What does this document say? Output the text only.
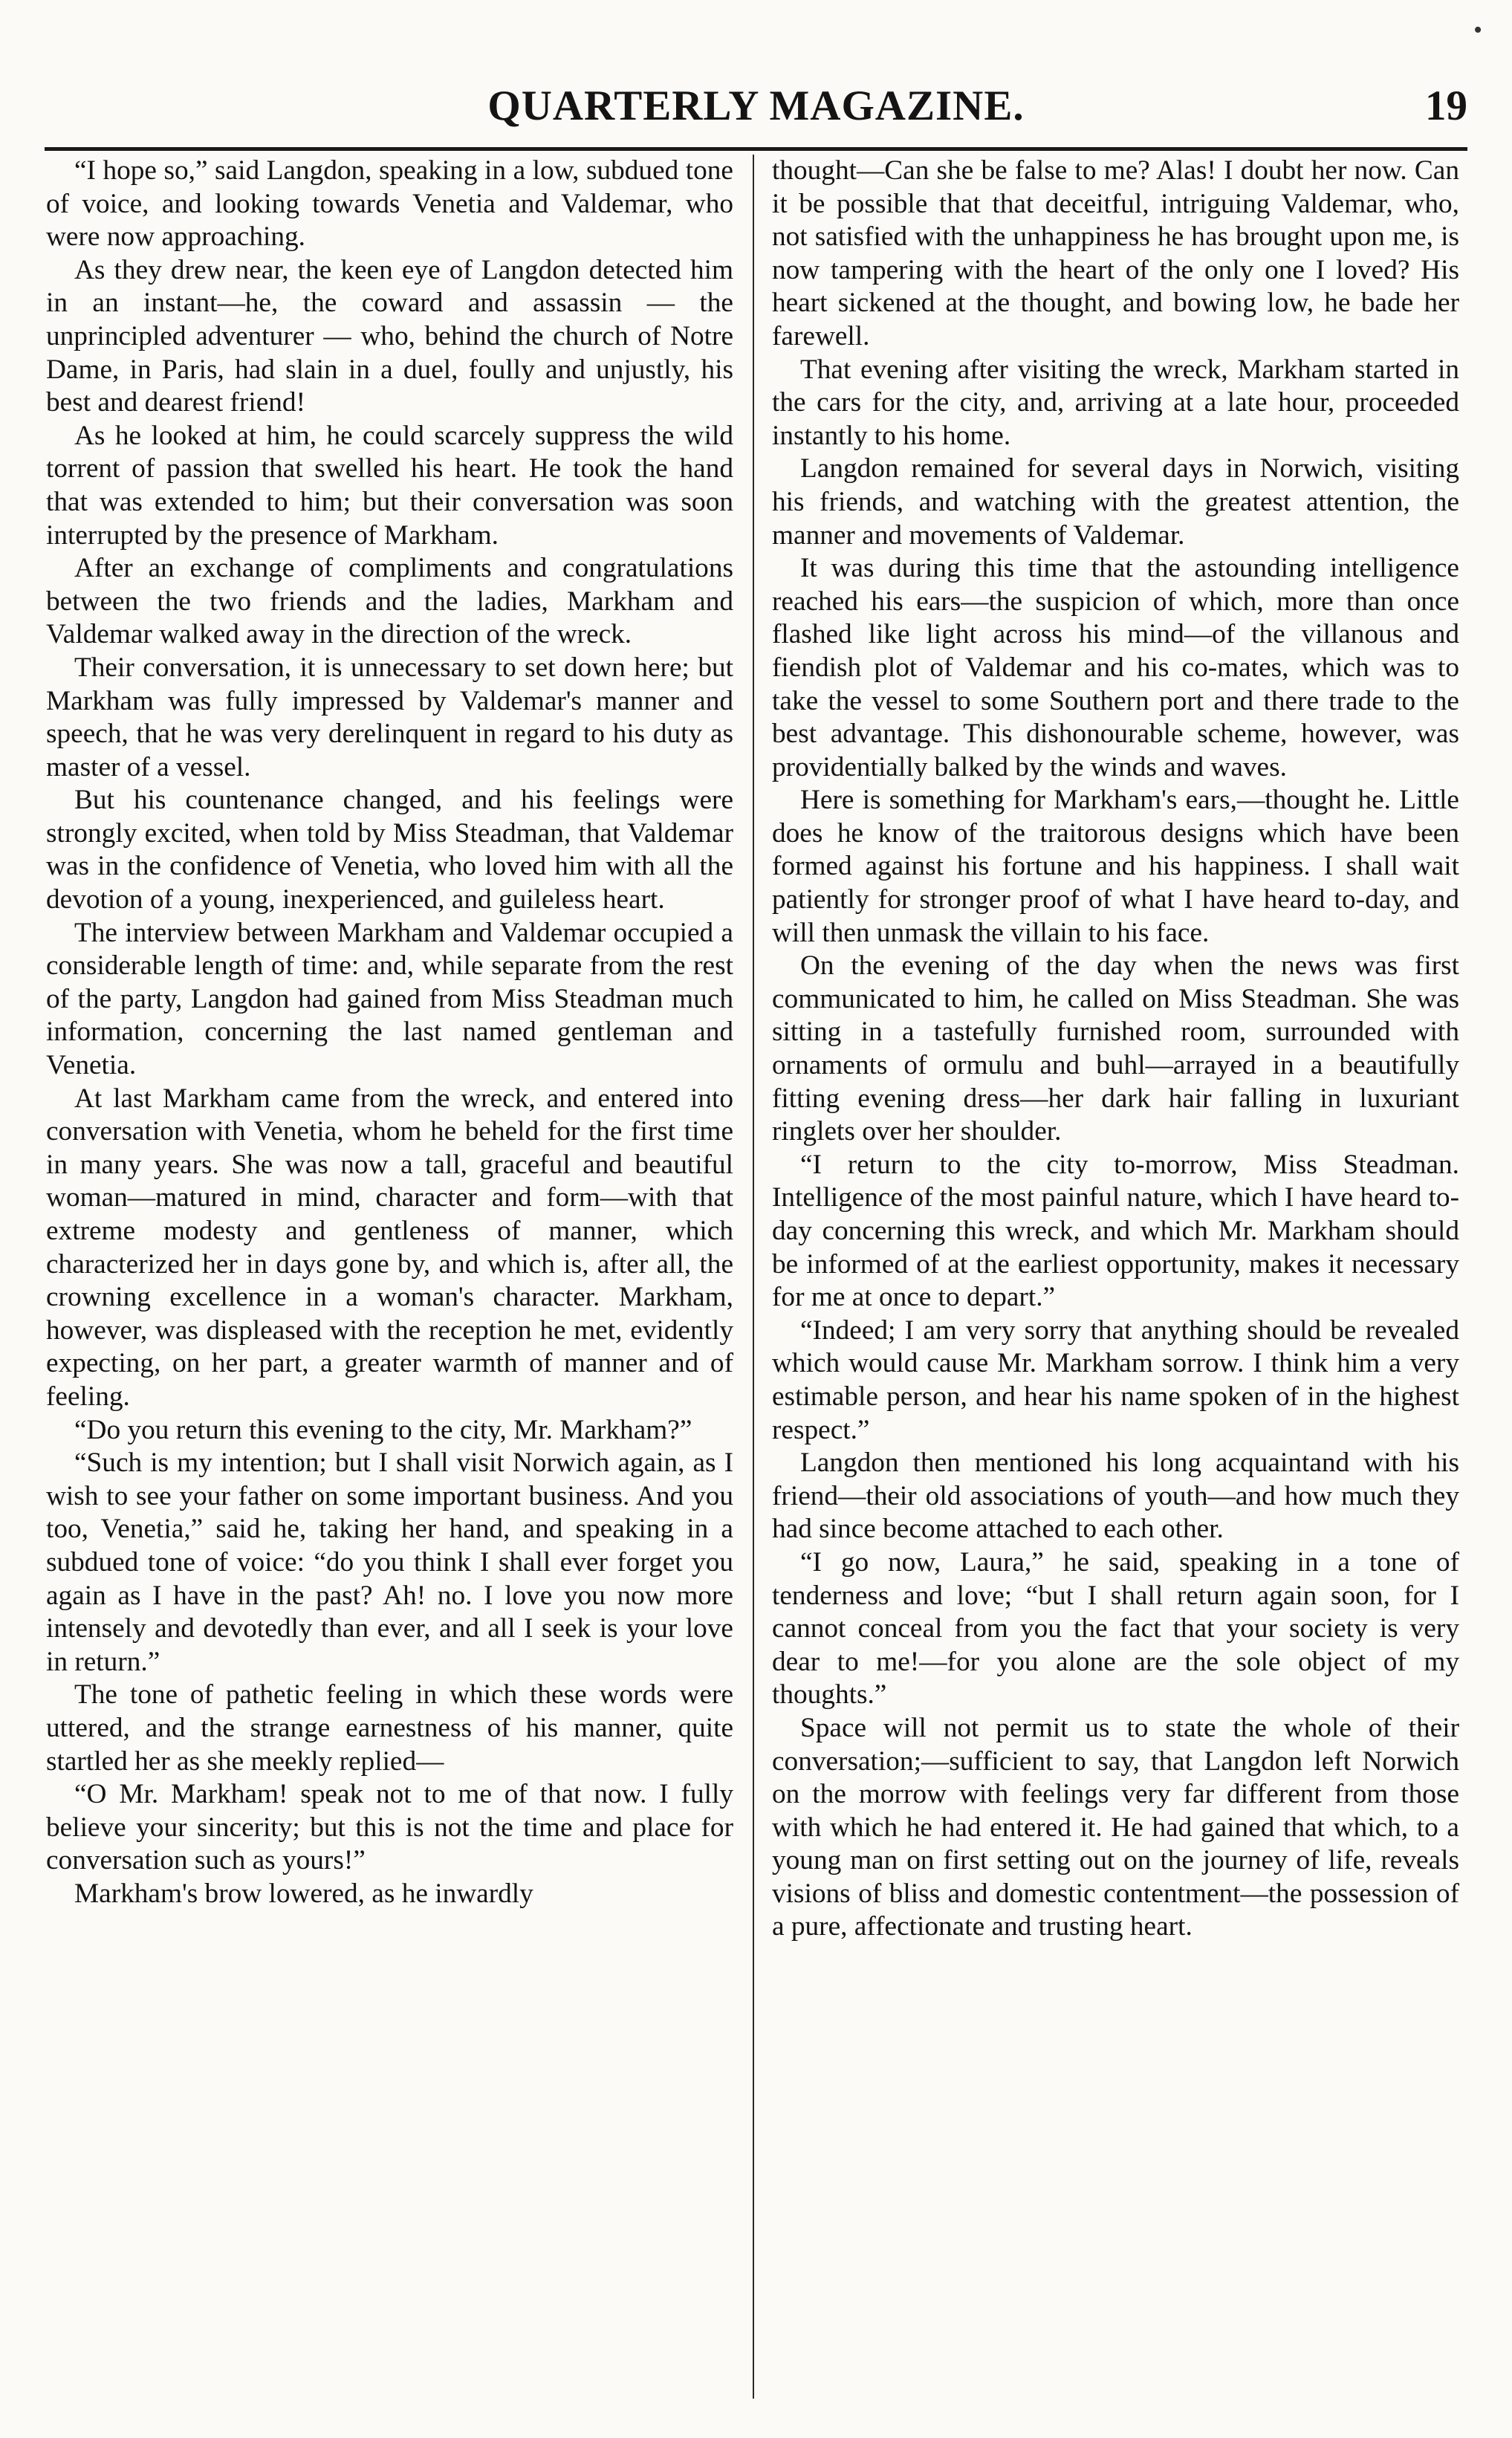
•
QUARTERLY MAGAZINE.	19

“I hope so,” said Langdon, speaking in a low, subdued tone of voice, and looking towards Venetia and Valdemar, who were now approaching.

As they drew near, the keen eye of Langdon detected him in an instant—he, the coward and assassin — the unprincipled adventurer — who, behind the church of Notre Dame, in Paris, had slain in a duel, foully and unjustly, his best and dearest friend!

As he looked at him, he could scarcely suppress the wild torrent of passion that swelled his heart. He took the hand that was extended to him; but their conversation was soon interrupted by the presence of Markham.

After an exchange of compliments and congratulations between the two friends and the ladies, Markham and Valdemar walked away in the direction of the wreck.

Their conversation, it is unnecessary to set down here; but Markham was fully impressed by Valdemar's manner and speech, that he was very derelinquent in regard to his duty as master of a vessel.

But his countenance changed, and his feelings were strongly excited, when told by Miss Steadman, that Valdemar was in the confidence of Venetia, who loved him with all the devotion of a young, inexperienced, and guileless heart.

The interview between Markham and Valdemar occupied a considerable length of time: and, while separate from the rest of the party, Langdon had gained from Miss Steadman much information, concerning the last named gentleman and Venetia.

At last Markham came from the wreck, and entered into conversation with Venetia, whom he beheld for the first time in many years. She was now a tall, graceful and beautiful woman—matured in mind, character and form—with that extreme modesty and gentleness of manner, which characterized her in days gone by, and which is, after all, the crowning excellence in a woman's character. Markham, however, was displeased with the reception he met, evidently expecting, on her part, a greater warmth of manner and of feeling.

“Do you return this evening to the city, Mr. Markham?”

“Such is my intention; but I shall visit Norwich again, as I wish to see your father on some important business. And you too, Venetia,” said he, taking her hand, and speaking in a subdued tone of voice: “do you think I shall ever forget you again as I have in the past? Ah! no. I love you now more intensely and devotedly than ever, and all I seek is your love in return.”

The tone of pathetic feeling in which these words were uttered, and the strange earnestness of his manner, quite startled her as she meekly replied—

“O Mr. Markham! speak not to me of that now. I fully believe your sincerity; but this is not the time and place for conversation such as yours!”

Markham's brow lowered, as he inwardly

thought—Can she be false to me? Alas! I doubt her now. Can it be possible that that deceitful, intriguing Valdemar, who, not satisfied with the unhappiness he has brought upon me, is now tampering with the heart of the only one I loved? His heart sickened at the thought, and bowing low, he bade her farewell.

That evening after visiting the wreck, Markham started in the cars for the city, and, arriving at a late hour, proceeded instantly to his home.

Langdon remained for several days in Norwich, visiting his friends, and watching with the greatest attention, the manner and movements of Valdemar.

It was during this time that the astounding intelligence reached his ears—the suspicion of which, more than once flashed like light across his mind—of the villanous and fiendish plot of Valdemar and his co-mates, which was to take the vessel to some Southern port and there trade to the best advantage. This dishonourable scheme, however, was providentially balked by the winds and waves.

Here is something for Markham's ears,—thought he. Little does he know of the traitorous designs which have been formed against his fortune and his happiness. I shall wait patiently for stronger proof of what I have heard to-day, and will then unmask the villain to his face.

On the evening of the day when the news was first communicated to him, he called on Miss Steadman. She was sitting in a tastefully furnished room, surrounded with ornaments of ormulu and buhl—arrayed in a beautifully fitting evening dress—her dark hair falling in luxuriant ringlets over her shoulder.

“I return to the city to-morrow, Miss Steadman. Intelligence of the most painful nature, which I have heard to-day concerning this wreck, and which Mr. Markham should be informed of at the earliest opportunity, makes it necessary for me at once to depart.”

“Indeed; I am very sorry that anything should be revealed which would cause Mr. Markham sorrow. I think him a very estimable person, and hear his name spoken of in the highest respect.”

Langdon then mentioned his long acquaintand with his friend—their old associations of youth—and how much they had since become attached to each other.

“I go now, Laura,” he said, speaking in a tone of tenderness and love; “but I shall return again soon, for I cannot conceal from you the fact that your society is very dear to me!—for you alone are the sole object of my thoughts.”

Space will not permit us to state the whole of their conversation;—sufficient to say, that Langdon left Norwich on the morrow with feelings very far different from those with which he had entered it. He had gained that which, to a young man on first setting out on the journey of life, reveals visions of bliss and domestic contentment—the possession of a pure, affectionate and trusting heart.
